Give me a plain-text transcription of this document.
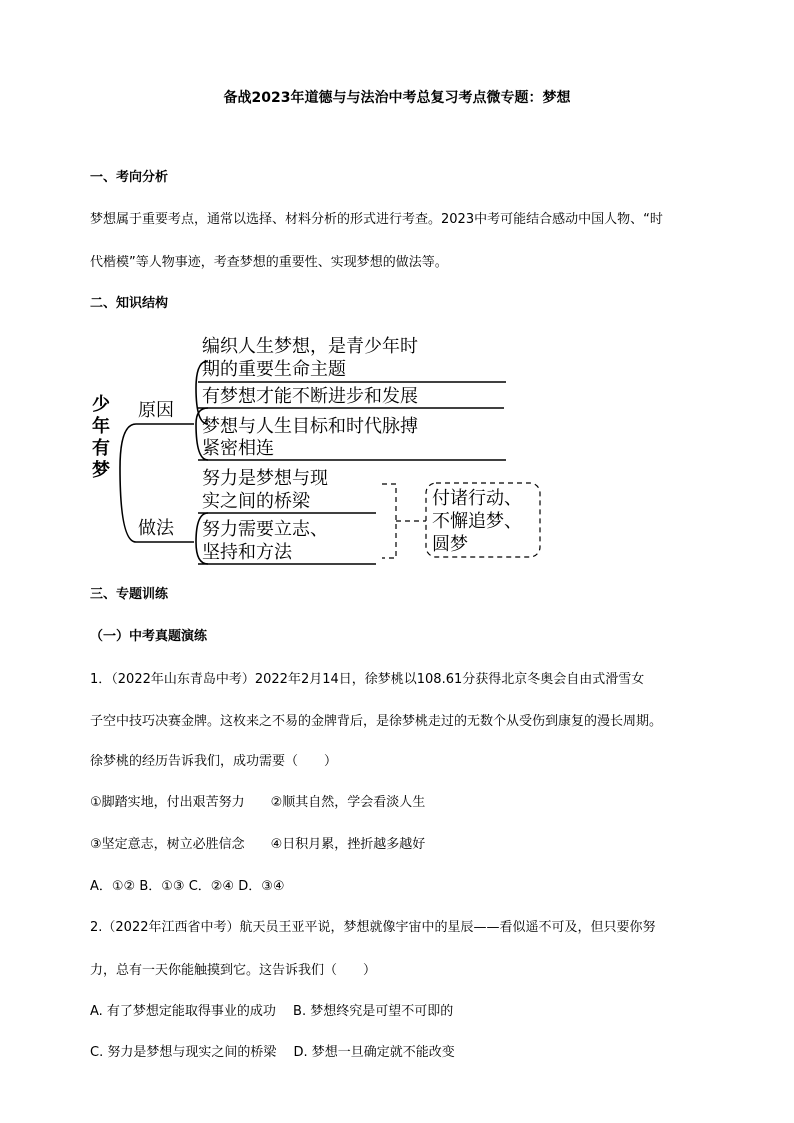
备战2023年道德与与法治中考总复习考点微专题：梦想

一、考向分析

梦想属于重要考点，通常以选择、材料分析的形式进行考查。2023中考可能结合感动中国人物、“时

代楷模”等人物事迹，考查梦想的重要性、实现梦想的做法等。

二、知识结构

少
年
有
梦
原因
做法
编织人生梦想，是青少年时
期的重要生命主题
有梦想才能不断进步和发展
梦想与人生目标和时代脉搏
紧密相连
努力是梦想与现
实之间的桥梁
努力需要立志、
坚持和方法
付诸行动、
不懈追梦、
圆梦

三、专题训练

（一）中考真题演练

1．（2022年山东青岛中考）2022年2月14日，徐梦桃以108.61分获得北京冬奥会自由式滑雪女

子空中技巧决赛金牌。这枚来之不易的金牌背后，是徐梦桃走过的无数个从受伤到康复的漫长周期。

徐梦桃的经历告诉我们，成功需要（　　）

①脚踏实地，付出艰苦努力　　②顺其自然，学会看淡人生

③坚定意志，树立必胜信念　　④日积月累，挫折越多越好

A．①② B．①③ C．②④ D．③④

2.（2022年江西省中考）航天员王亚平说，梦想就像宇宙中的星辰——看似遥不可及，但只要你努

力，总有一天你能触摸到它。这告诉我们（　　）

A. 有了梦想定能取得事业的成功　 B. 梦想终究是可望不可即的

C. 努力是梦想与现实之间的桥梁　 D. 梦想一旦确定就不能改变
